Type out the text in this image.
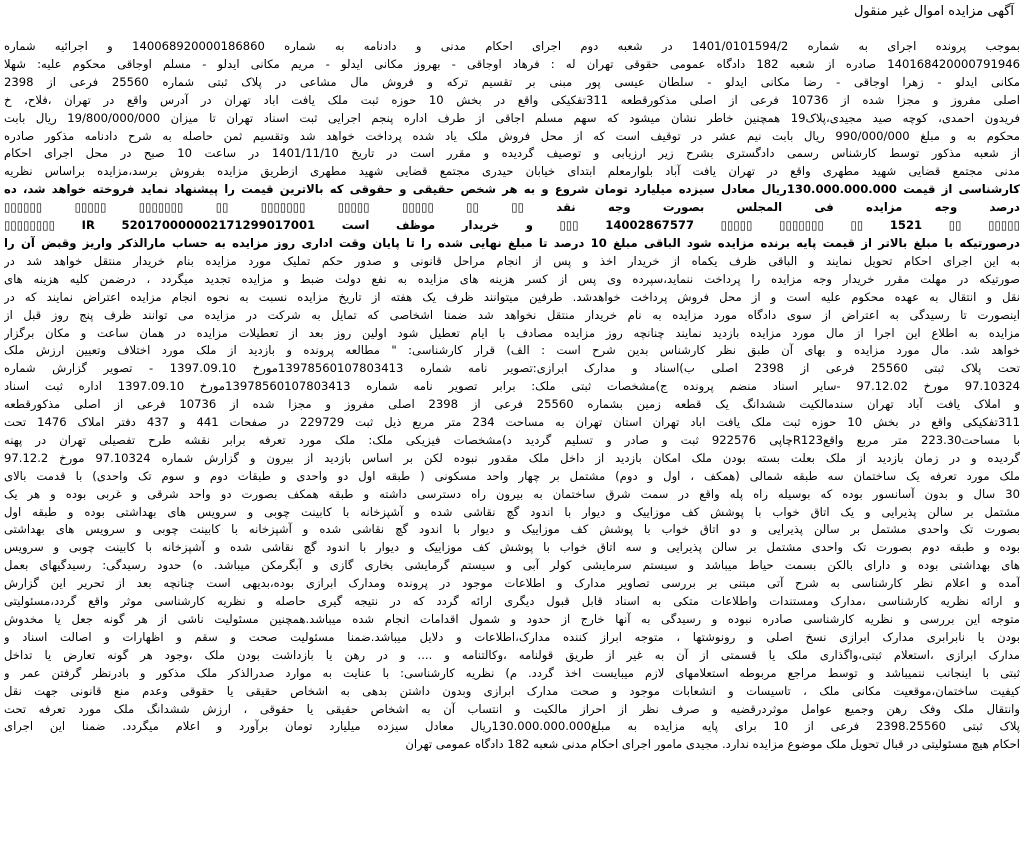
آگهی مزایده اموال غیر منقول
بموجب پرونده اجرای به شماره 1401/0101594/2 در شعبه دوم اجرای احکام مدنی و دادنامه به شماره 140068920000186860 و اجرائیه شماره
140168420000791946 صادره از شعبه 182 دادگاه عمومی حقوقی تهران له : فرهاد اوجاقی - بهروز مکانی ایدلو - مریم مکانی ایدلو - مسلم اوجاقی محکوم علیه: شهلا
مکانی ایدلو - زهرا اوجاقی - رضا مکانی ایدلو - سلطان عیسی پور مبنی بر تقسیم ترکه و فروش مال مشاعی در پلاک ثبتی شماره 25560 فرعی از 2398
اصلی مفروز و مجزا شده از 10736 فرعی از اصلی مذکورقطعه 311تفکیکی واقع در بخش 10 حوزه ثبت ملک یافت اباد تهران در آدرس واقع در تهران ،فلاح، خ
فریدون احمدی، کوچه صید مجیدی،پلاک19 همچنین خاطر نشان میشود که سهم مسلم اجاقی از طرف اداره پنجم اجرایی ثبت اسناد تهران تا میزان 19/800/000/000 ریال بابت
محکوم به و مبلغ 990/000/000 ریال بابت نیم عشر در توقیف است که از محل فروش ملک یاد شده پرداخت خواهد شد وتقسیم ثمن حاصله به شرح دادنامه مذکور صادره
از شعبه مذکور توسط کارشناس رسمی دادگستری بشرح زیر ارزیابی و توصیف گردیده و مقرر است در تاریخ 1401/11/10 در ساعت 10 صبح در محل اجرای احکام
مدنی مجتمع قضایی شهید مطهری واقع در تهران یافت آباد بلوارمعلم ابتدای خیابان حیدری مجتمع قضایی شهید مطهری ازطریق مزایده بفروش برسد،مزایده براساس نظریه
کارشناسی از قیمت 130.000.000.000ریال معادل سیزده میلیارد تومان شروع و به هر شخص حقیقی و حقوقی که بالاترین قیمت را پیشنهاد نماید فروخته خواهد شد، ده
درصد وجه مزایده فی المجلس بصورت وجه نقد ▯▯ ▯▯ ▯▯▯▯▯ ▯▯▯▯▯ ▯▯▯▯▯▯▯ ▯▯ ▯▯▯▯▯▯▯ ▯▯▯▯▯ ▯▯▯▯▯▯
▯▯▯▯▯ ▯▯ 1521 ▯▯ ▯▯▯▯▯▯▯ ▯▯▯▯▯ 14002867577 ▯▯▯ و خریدار موظف است IR 520170000002171299017001 ▯▯▯▯▯▯▯▯
درصورتیکه با مبلغ بالاتر از قیمت پایه برنده مزایده شود الباقی مبلغ 10 درصد تا مبلغ نهایی شده را تا پایان وقت اداری روز مزایده به حساب مارالذکر واریز وقبض آن را
به این اجرای احکام تحویل نمایند و الباقی ظرف یکماه از خریدار اخذ و پس از انجام مراحل قانونی و صدور حکم تملیک مورد مزایده بنام خریدار منتقل خواهد شد در
صورتیکه در مهلت مقرر خریدار وجه مزایده را پرداخت ننماید،سپرده وی پس از کسر هزینه های مزایده به نفع دولت ضبط و مزایده تجدید میگردد ، درضمن کلیه هزینه های
نقل و انتقال به عهده محکوم علیه است و از محل فروش پرداخت خواهدشد. طرفین میتوانند ظرف یک هفته از تاریخ مزایده نسبت به نحوه انجام مزایده اعتراض نمایند که در
اینصورت تا رسیدگی به اعتراض از سوی دادگاه مورد مزایده به نام خریدار منتقل نخواهد شد ضمنا اشخاصی که تمایل به شرکت در مزایده می توانند ظرف پنج روز قبل از
مزایده به اطلاع این اجرا از مال مورد مزایده بازدید نمایند چنانچه روز مزایده مصادف با ایام تعطیل شود اولین روز بعد از تعطیلات مزایده در همان ساعت و مکان برگزار
خواهد شد. مال مورد مزایده و بهای آن طبق نظر کارشناس بدین شرح است : الف) قرار کارشناسی: " مطالعه پرونده و بازدید از ملک مورد اختلاف وتعیین ارزش ملک
تحت پلاک ثبتی 25560 فرعی از 2398 اصلی ب)اسناد و مدارک ابرازی:تصویر نامه شماره 13978560107803413مورخ 1397.09.10 - تصویر گزارش شماره
97.10324 مورخ 97.12.02 -سایر اسناد منضم پرونده ج)مشخصات ثبتی ملک: برابر تصویر نامه شماره 13978560107803413مورخ 1397.09.10 اداره ثبت اسناد
و املاک یافت آباد تهران سندمالکیت ششدانگ یک قطعه زمین بشماره 25560 فرعی از 2398 اصلی مفروز و مجزا شده از 10736 فرعی از اصلی مذکورقطعه
311تفکیکی واقع در بخش 10 حوزه ثبت ملک یافت اباد تهران استان تهران به مساحت 234 متر مربع ذیل ثبت 229729 در صفحات 441 و 437 دفتر املاک 1476 تحت
با مساحت223.30 متر مربع واقعR123چاپی 922576 ثبت و صادر و تسلیم گردید د)مشخصات فیزیکی ملک: ملک مورد تعرفه برابر نقشه طرح تفصیلی تهران در پهنه
گردیده و در زمان بازدید از ملک بعلت بسته بودن ملک امکان بازدید از داخل ملک مقدور نبوده لکن بر اساس بازدید از بیرون و گزارش شماره 97.10324 مورخ 97.12.2
ملک مورد تعرفه یک ساختمان سه طبقه شمالی (همکف ، اول و دوم) مشتمل بر چهار واحد مسکونی ( طبقه اول دو واحدی و طبقات دوم و سوم تک واحدی) با قدمت بالای
30 سال و بدون آسانسور بوده که بوسیله راه پله واقع در سمت شرق ساختمان به بیرون راه دسترسی داشته و طبقه همکف بصورت دو واحد شرقی و غربی بوده و هر یک
مشتمل بر سالن پذیرایی و یک اتاق خواب با پوشش کف موزاییک و دیوار با اندود گچ نقاشی شده و آشپزخانه با کابینت چوبی و سرویس های بهداشتی بوده و طبقه اول
بصورت تک واحدی مشتمل بر سالن پذیرایی و دو اتاق خواب با پوشش کف موزاییک و دیوار با اندود گچ نقاشی شده و آشپزخانه با کابینت چوبی و سرویس های بهداشتی
بوده و طبقه دوم بصورت تک واحدی مشتمل بر سالن پذیرایی و سه اتاق خواب با پوشش کف موزاییک و دیوار با اندود گچ نقاشی شده و آشپزخانه با کابینت چوبی و سرویس
های بهداشتی بوده و دارای بالکن بسمت حیاط میباشد و سیستم سرمایشی کولر آبی و سیستم گرمایشی بخاری گازی و آبگرمکن میباشد. ه) حدود رسیدگی: رسیدگیهای بعمل
آمده و اعلام نظر کارشناسی به شرح آتی مبتنی بر بررسی تصاویر مدارک و اطلاعات موجود در پرونده ومدارک ابرازی بوده،بدیهی است چنانچه بعد از تحریر این گزارش
و ارائه نظریه کارشناسی ،مدارک ومستندات واطلاعات متکی به اسناد قابل قبول دیگری ارائه گردد که در نتیجه گیری حاصله و نظریه کارشناسی موثر واقع گردد،مسئولیتی
متوجه این بررسی و نظریه کارشناسی صادره نبوده و رسیدگی به آنها خارج از حدود و شمول اقدامات انجام شده میباشد.همچنین مسئولیت ناشی از هر گونه جعل یا مخدوش
بودن یا نابرابری مدارک ابرازی نسخ اصلی و رونوشتها ، متوجه ابراز کننده مدارک،اطلاعات و دلایل میباشد.ضمنا مسئولیت صحت و سقم و اظهارات و اصالت اسناد و
مدارک ابرازی ،استعلام ثبتی،واگذاری ملک یا قسمتی از آن به غیر از طریق قولنامه ،وکالتنامه و .... و در رهن یا بازداشت بودن ملک ،وجود هر گونه تعارض یا تداخل
ثبتی با اینجانب ننمیباشد و توسط مراجع مربوطه استعلامهای لازم میبایست اخذ گردد. م) نظریه کارشناسی: با عنایت به موارد صدرالذکر ملک مذکور و بادرنظر گرفتن عمر و
کیفیت ساختمان،موقعیت مکانی ملک ، تاسیسات و انشعابات موجود و صحت مدارک ابرازی وبدون داشتن بدهی به اشخاص حقیقی یا حقوقی وعدم منع قانونی جهت نقل
وانتقال ملک وفک رهن وجمیع عوامل موثردرقضیه و صرف نظر از احراز مالکیت و انتساب آن به اشخاص حقیقی یا حقوقی ، ارزش ششدانگ ملک مورد تعرفه تحت
پلاک ثبتی 2398.25560 فرعی از 10 برای پایه مزایده به مبلغ130.000.000.000ریال معادل سیزده میلیارد تومان برآورد و اعلام میگردد. ضمنا این اجرای
احکام هیچ مسئولیتی در قبال تحویل ملک موضوع مزایده ندارد. مجیدی مامور اجرای احکام مدنی شعبه 182 دادگاه عمومی تهران
